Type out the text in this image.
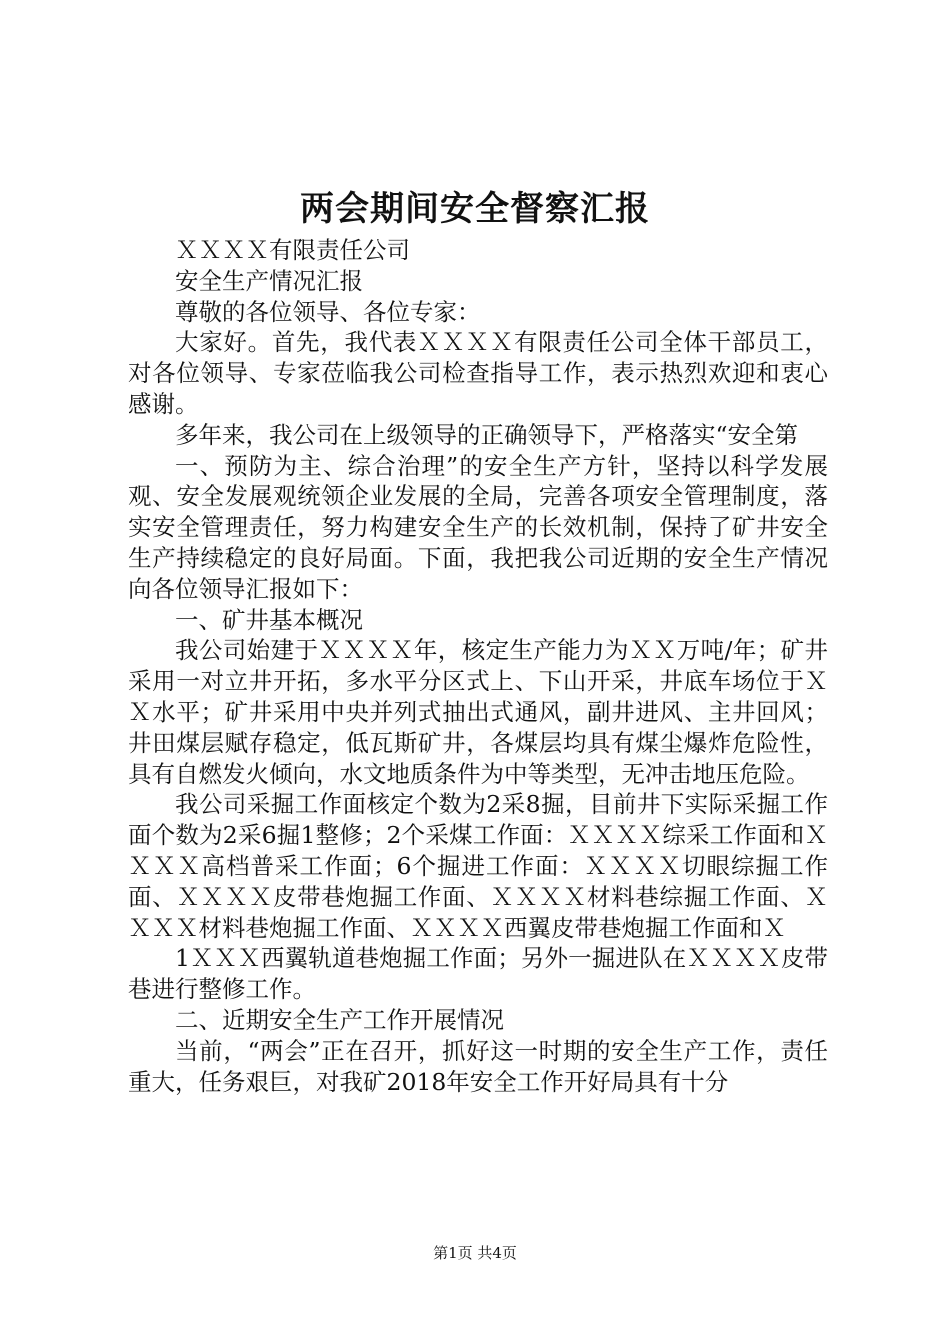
两会期间安全督察汇报

ＸＸＸＸ有限责任公司

安全生产情况汇报

尊敬的各位领导、各位专家：

大家好。首先，我代表ＸＸＸＸ有限责任公司全体干部员工，对各位领导、专家莅临我公司检查指导工作，表示热烈欢迎和衷心感谢。

多年来，我公司在上级领导的正确领导下，严格落实“安全第

一、预防为主、综合治理”的安全生产方针，坚持以科学发展观、安全发展观统领企业发展的全局，完善各项安全管理制度，落实安全管理责任，努力构建安全生产的长效机制，保持了矿井安全生产持续稳定的良好局面。下面，我把我公司近期的安全生产情况向各位领导汇报如下：

一、矿井基本概况

我公司始建于ＸＸＸＸ年，核定生产能力为ＸＸ万吨/年；矿井采用一对立井开拓，多水平分区式上、下山开采，井底车场位于ＸＸ水平；矿井采用中央并列式抽出式通风，副井进风、主井回风；井田煤层赋存稳定，低瓦斯矿井，各煤层均具有煤尘爆炸危险性，具有自燃发火倾向，水文地质条件为中等类型，无冲击地压危险。

我公司采掘工作面核定个数为2采8掘，目前井下实际采掘工作面个数为2采6掘1整修；2个采煤工作面：ＸＸＸＸ综采工作面和ＸＸＸＸ高档普采工作面；6个掘进工作面：ＸＸＸＸ切眼综掘工作面、ＸＸＸＸ皮带巷炮掘工作面、ＸＸＸＸ材料巷综掘工作面、ＸＸＸＸ材料巷炮掘工作面、ＸＸＸＸ西翼皮带巷炮掘工作面和Ｘ

1ＸＸＸ西翼轨道巷炮掘工作面；另外一掘进队在ＸＸＸＸ皮带巷进行整修工作。

二、近期安全生产工作开展情况

当前，“两会”正在召开，抓好这一时期的安全生产工作，责任重大，任务艰巨，对我矿2018年安全工作开好局具有十分

第1页 共4页
